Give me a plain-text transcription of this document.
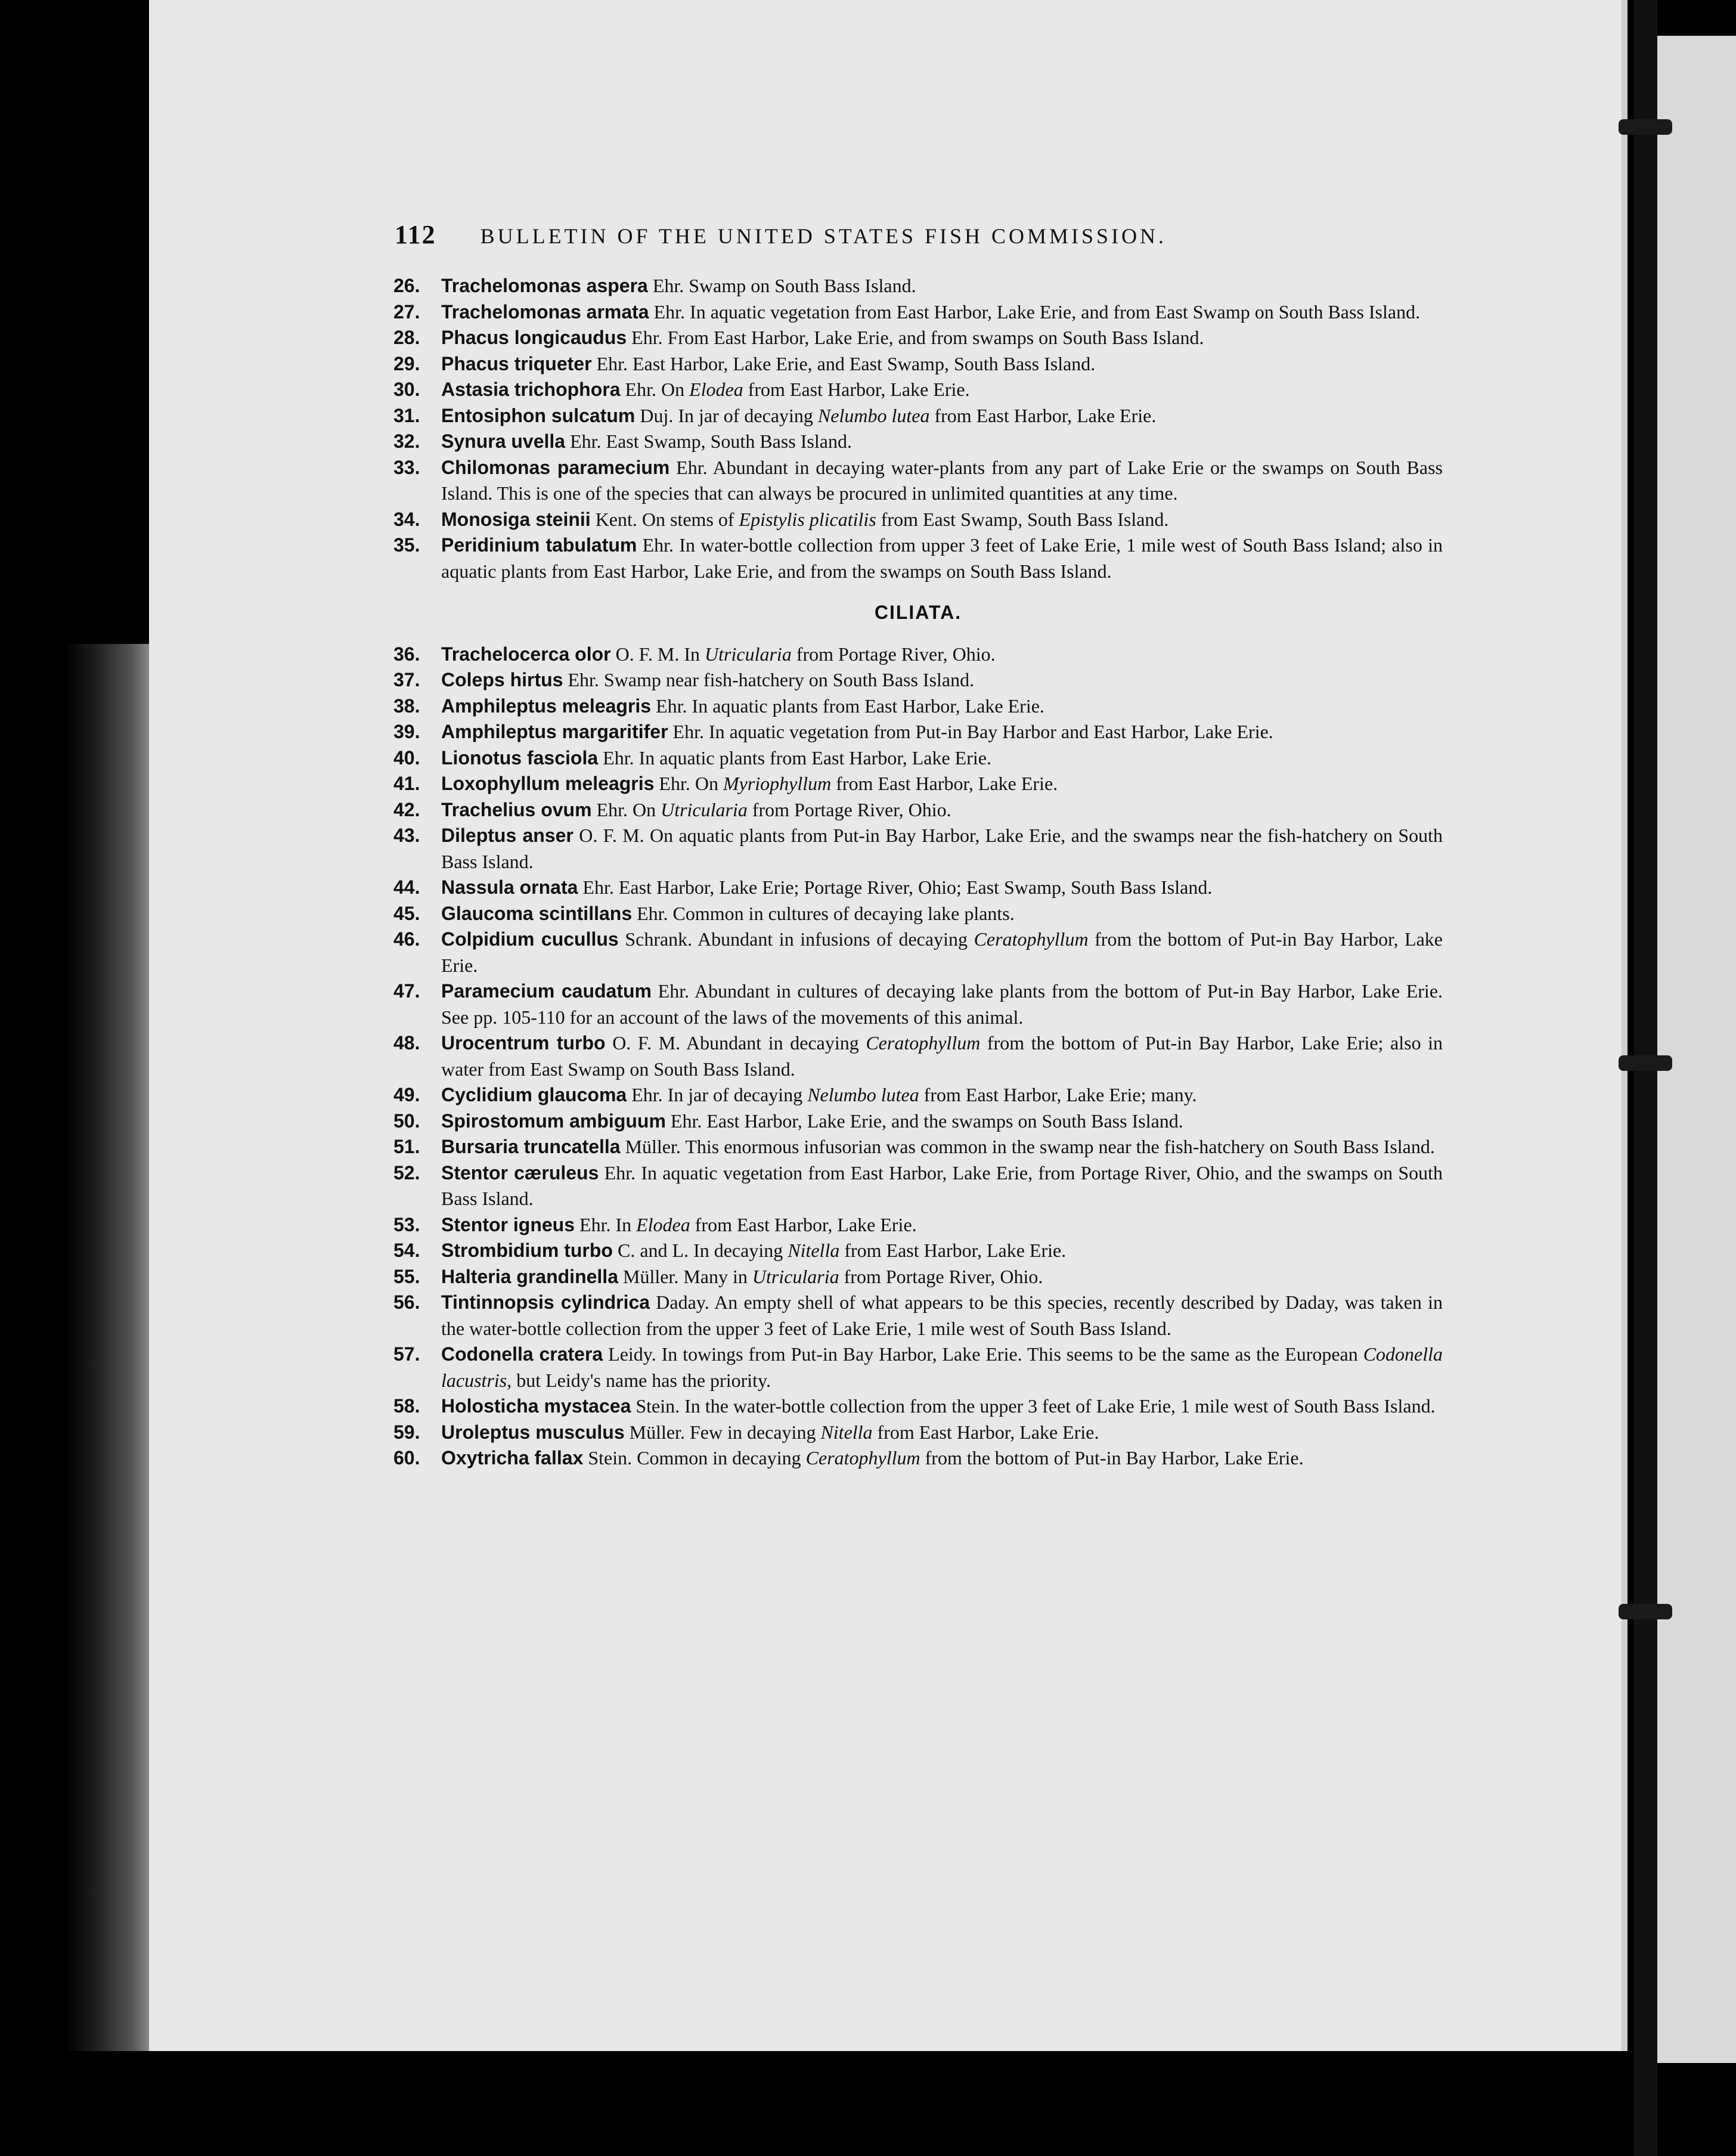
112 BULLETIN OF THE UNITED STATES FISH COMMISSION.
26. Trachelomonas aspera Ehr. Swamp on South Bass Island.
27. Trachelomonas armata Ehr. In aquatic vegetation from East Harbor, Lake Erie, and from East Swamp on South Bass Island.
28. Phacus longicaudus Ehr. From East Harbor, Lake Erie, and from swamps on South Bass Island.
29. Phacus triqueter Ehr. East Harbor, Lake Erie, and East Swamp, South Bass Island.
30. Astasia trichophora Ehr. On Elodea from East Harbor, Lake Erie.
31. Entosiphon sulcatum Duj. In jar of decaying Nelumbo lutea from East Harbor, Lake Erie.
32. Synura uvella Ehr. East Swamp, South Bass Island.
33. Chilomonas paramecium Ehr. Abundant in decaying water-plants from any part of Lake Erie or the swamps on South Bass Island. This is one of the species that can always be procured in unlimited quantities at any time.
34. Monosiga steinii Kent. On stems of Epistylis plicatilis from East Swamp, South Bass Island.
35. Peridinium tabulatum Ehr. In water-bottle collection from upper 3 feet of Lake Erie, 1 mile west of South Bass Island; also in aquatic plants from East Harbor, Lake Erie, and from the swamps on South Bass Island.
CILIATA.
36. Trachelocerca olor O. F. M. In Utricularia from Portage River, Ohio.
37. Coleps hirtus Ehr. Swamp near fish-hatchery on South Bass Island.
38. Amphileptus meleagris Ehr. In aquatic plants from East Harbor, Lake Erie.
39. Amphileptus margaritifer Ehr. In aquatic vegetation from Put-in Bay Harbor and East Harbor, Lake Erie.
40. Lionotus fasciola Ehr. In aquatic plants from East Harbor, Lake Erie.
41. Loxophyllum meleagris Ehr. On Myriophyllum from East Harbor, Lake Erie.
42. Trachelius ovum Ehr. On Utricularia from Portage River, Ohio.
43. Dileptus anser O. F. M. On aquatic plants from Put-in Bay Harbor, Lake Erie, and the swamps near the fish-hatchery on South Bass Island.
44. Nassula ornata Ehr. East Harbor, Lake Erie; Portage River, Ohio; East Swamp, South Bass Island.
45. Glaucoma scintillans Ehr. Common in cultures of decaying lake plants.
46. Colpidium cucullus Schrank. Abundant in infusions of decaying Ceratophyllum from the bottom of Put-in Bay Harbor, Lake Erie.
47. Paramecium caudatum Ehr. Abundant in cultures of decaying lake plants from the bottom of Put-in Bay Harbor, Lake Erie. See pp. 105-110 for an account of the laws of the movements of this animal.
48. Urocentrum turbo O. F. M. Abundant in decaying Ceratophyllum from the bottom of Put-in Bay Harbor, Lake Erie; also in water from East Swamp on South Bass Island.
49. Cyclidium glaucoma Ehr. In jar of decaying Nelumbo lutea from East Harbor, Lake Erie; many.
50. Spirostomum ambiguum Ehr. East Harbor, Lake Erie, and the swamps on South Bass Island.
51. Bursaria truncatella Müller. This enormous infusorian was common in the swamp near the fish-hatchery on South Bass Island.
52. Stentor cæruleus Ehr. In aquatic vegetation from East Harbor, Lake Erie, from Portage River, Ohio, and the swamps on South Bass Island.
53. Stentor igneus Ehr. In Elodea from East Harbor, Lake Erie.
54. Strombidium turbo C. and L. In decaying Nitella from East Harbor, Lake Erie.
55. Halteria grandinella Müller. Many in Utricularia from Portage River, Ohio.
56. Tintinnopsis cylindrica Daday. An empty shell of what appears to be this species, recently described by Daday, was taken in the water-bottle collection from the upper 3 feet of Lake Erie, 1 mile west of South Bass Island.
57. Codonella cratera Leidy. In towings from Put-in Bay Harbor, Lake Erie. This seems to be the same as the European Codonella lacustris, but Leidy's name has the priority.
58. Holosticha mystacea Stein. In the water-bottle collection from the upper 3 feet of Lake Erie, 1 mile west of South Bass Island.
59. Uroleptus musculus Müller. Few in decaying Nitella from East Harbor, Lake Erie.
60. Oxytricha fallax Stein. Common in decaying Ceratophyllum from the bottom of Put-in Bay Harbor, Lake Erie.
